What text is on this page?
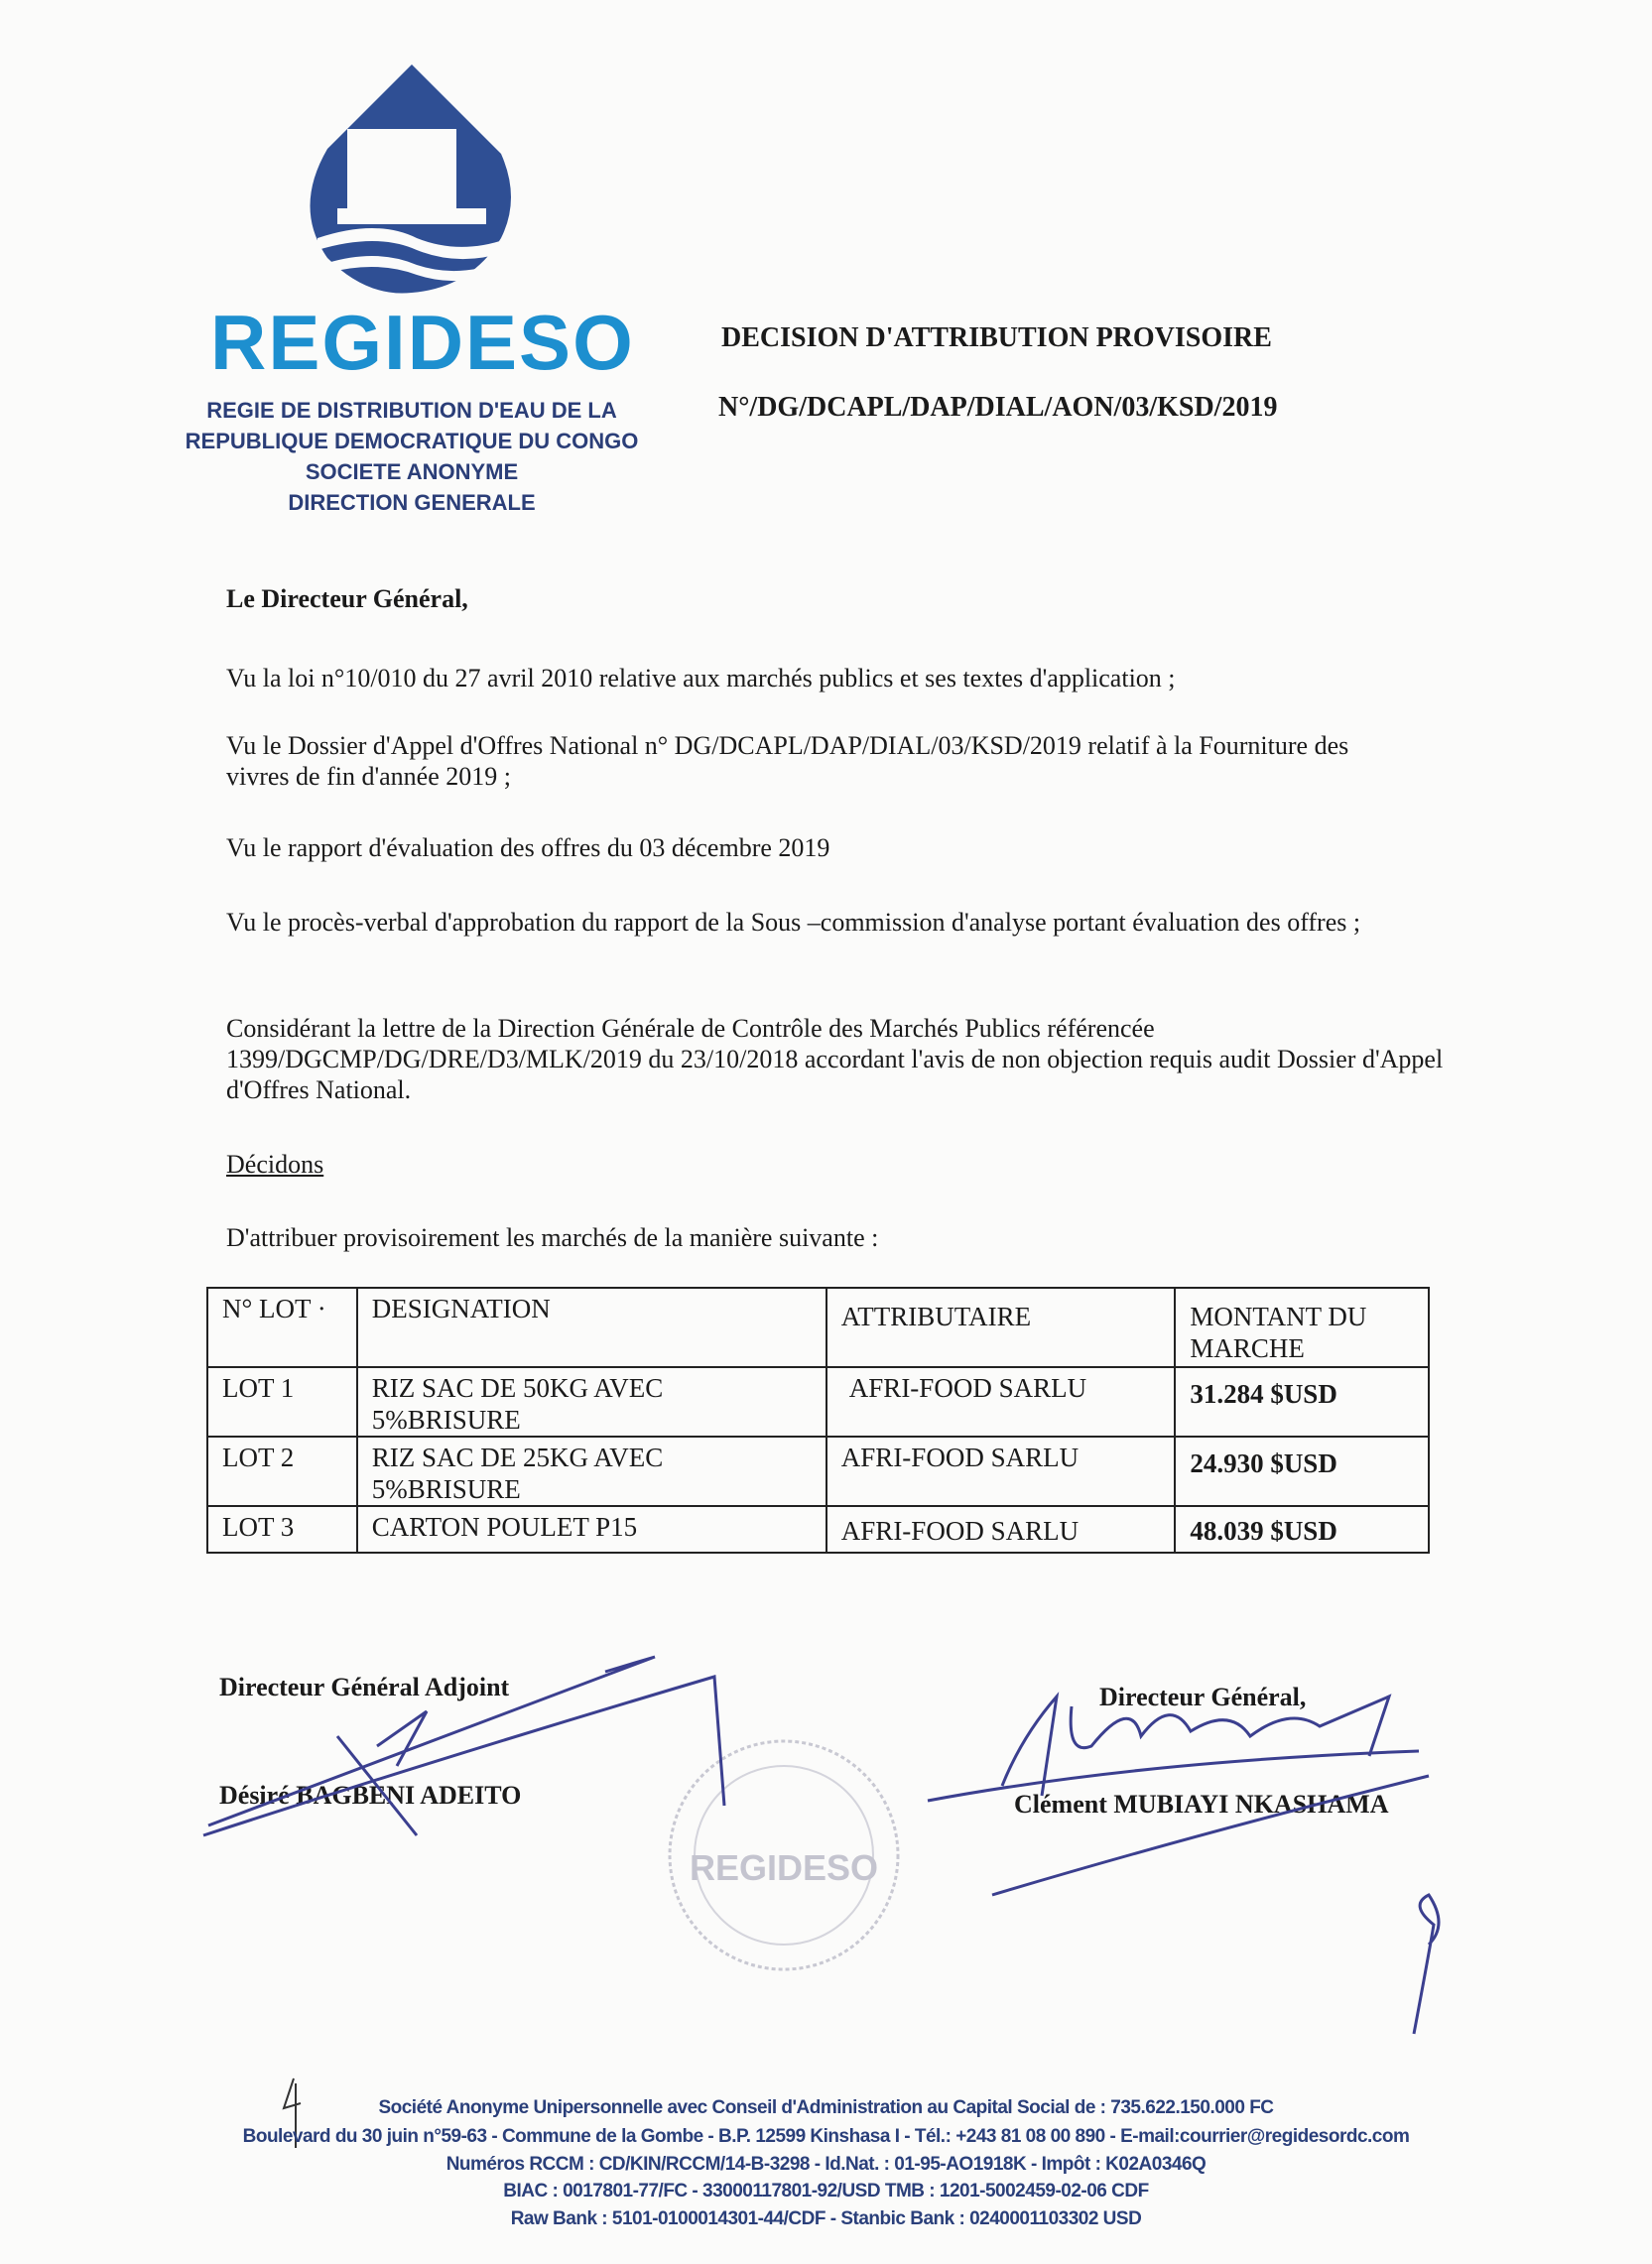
REGIDESO
REGIE DE DISTRIBUTION D'EAU DE LA
REPUBLIQUE DEMOCRATIQUE DU CONGO
SOCIETE ANONYME
DIRECTION GENERALE
DECISION D'ATTRIBUTION PROVISOIRE
N°/DG/DCAPL/DAP/DIAL/AON/03/KSD/2019
Le Directeur Général,
Vu la loi n°10/010 du 27 avril 2010 relative aux marchés publics et ses textes d'application ;
Vu le Dossier d'Appel d'Offres National n° DG/DCAPL/DAP/DIAL/03/KSD/2019 relatif à la Fourniture des vivres de fin d'année 2019 ;
Vu le rapport d'évaluation des offres du 03 décembre 2019
Vu le procès-verbal d'approbation du rapport de la Sous –commission d'analyse portant évaluation des offres ;
Considérant la lettre de la Direction Générale de Contrôle des Marchés Publics référencée 1399/DGCMP/DG/DRE/D3/MLK/2019 du 23/10/2018 accordant l'avis de non objection requis audit Dossier d'Appel d'Offres National.
Décidons
D'attribuer provisoirement les marchés de la manière suivante :
N° LOT ·	DESIGNATION	ATTRIBUTAIRE	MONTANT DU MARCHE
LOT 1	RIZ SAC DE 50KG AVEC 5%BRISURE	AFRI-FOOD SARLU	31.284 $USD
LOT 2	RIZ SAC DE 25KG AVEC 5%BRISURE	AFRI-FOOD SARLU	24.930 $USD
LOT 3	CARTON POULET P15	AFRI-FOOD SARLU	48.039 $USD
REGIDESO
Directeur Général Adjoint
Désiré BAGBENI ADEITO
Directeur Général,
Clément MUBIAYI NKASHAMA
Société Anonyme Unipersonnelle avec Conseil d'Administration au Capital Social de : 735.622.150.000 FC
Boulevard du 30 juin n°59-63 - Commune de la Gombe - B.P. 12599 Kinshasa I - Tél.: +243 81 08 00 890 - E-mail:courrier@regidesordc.com
Numéros RCCM : CD/KIN/RCCM/14-B-3298 - Id.Nat. : 01-95-AO1918K - Impôt : K02A0346Q
BIAC : 0017801-77/FC - 33000117801-92/USD TMB : 1201-5002459-02-06 CDF
Raw Bank : 5101-0100014301-44/CDF - Stanbic Bank : 0240001103302 USD
